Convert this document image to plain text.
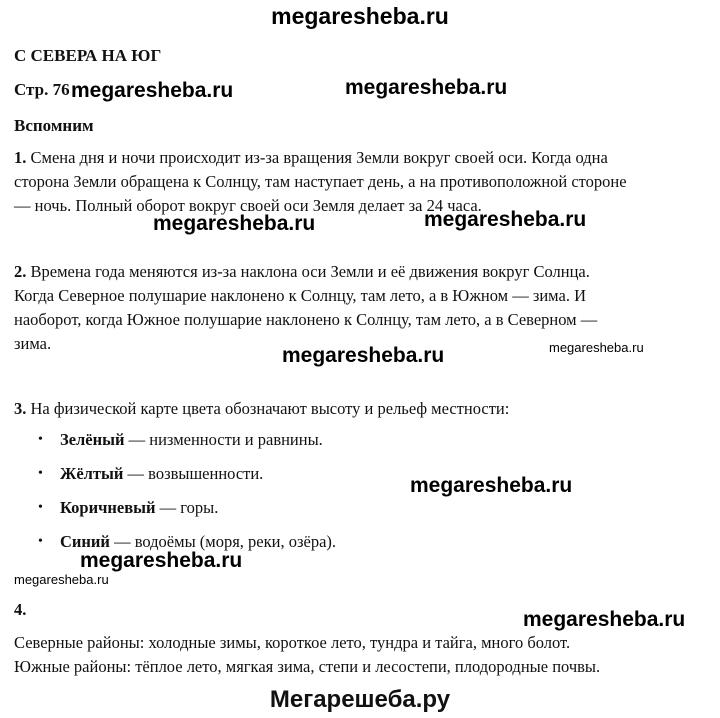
megaresheba.ru
С СЕВЕРА НА ЮГ
Стр. 76 megaresheba.ru	megaresheba.ru
Вспомним
1. Смена дня и ночи происходит из-за вращения Земли вокруг своей оси. Когда одна
сторона Земли обращена к Солнцу, там наступает день, а на противоположной стороне
— ночь. Полный оборот вокруг своей оси Земля делает за 24 часа.
megaresheba.ru	megaresheba.ru
2. Времена года меняются из-за наклона оси Земли и её движения вокруг Солнца.
Когда Северное полушарие наклонено к Солнцу, там лето, а в Южном — зима. И
наоборот, когда Южное полушарие наклонено к Солнцу, там лето, а в Северном —
зима.
megaresheba.ru	megaresheba.ru
3. На физической карте цвета обозначают высоту и рельеф местности:
• Зелёный — низменности и равнины.
• Жёлтый — возвышенности.
megaresheba.ru
• Коричневый — горы.
• Синий — водоёмы (моря, реки, озёра).
megaresheba.ru
megaresheba.ru
4.	megaresheba.ru
Северные районы: холодные зимы, короткое лето, тундра и тайга, много болот.
Южные районы: тёплое лето, мягкая зима, степи и лесостепи, плодородные почвы.
Мегарешеба.ру
